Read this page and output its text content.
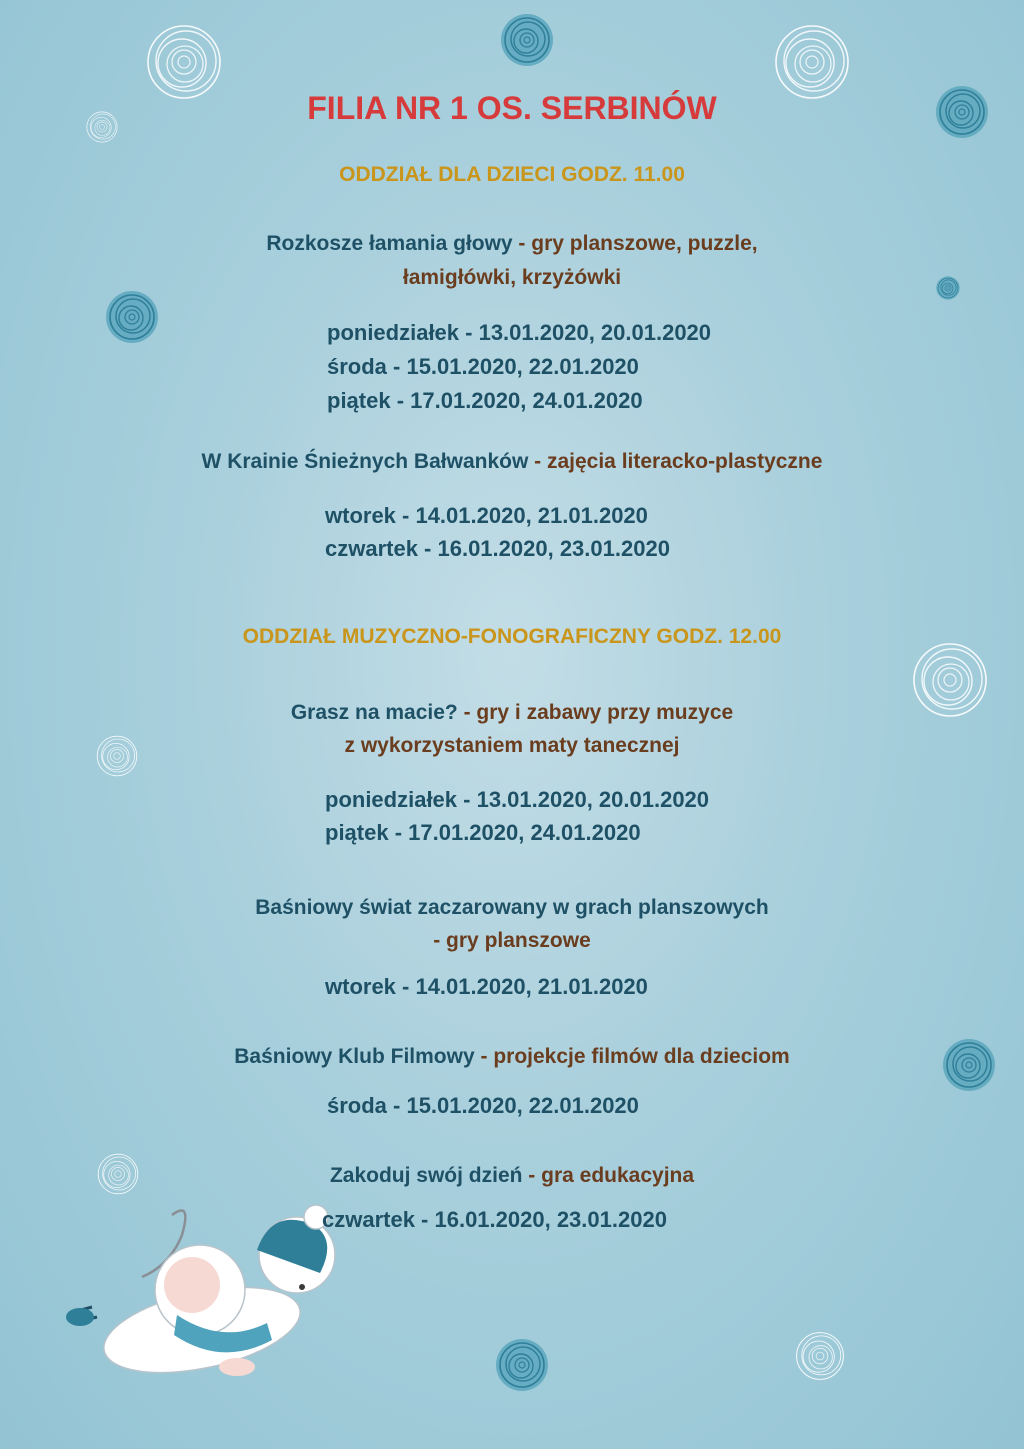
FILIA NR 1 OS. SERBINÓW
ODDZIAŁ DLA DZIECI GODZ. 11.00
Rozkosze łamania głowy - gry planszowe, puzzle,
łamigłówki, krzyżówki
poniedziałek - 13.01.2020, 20.01.2020
środa - 15.01.2020, 22.01.2020
piątek - 17.01.2020, 24.01.2020
W Krainie Śnieżnych Bałwanków - zajęcia literacko-plastyczne
wtorek - 14.01.2020, 21.01.2020
czwartek - 16.01.2020, 23.01.2020
ODDZIAŁ MUZYCZNO-FONOGRAFICZNY GODZ. 12.00
Grasz na macie? - gry i zabawy przy muzyce
z wykorzystaniem maty tanecznej
poniedziałek - 13.01.2020, 20.01.2020
piątek - 17.01.2020, 24.01.2020
Baśniowy świat zaczarowany w grach planszowych
- gry planszowe
wtorek - 14.01.2020, 21.01.2020
Baśniowy Klub Filmowy - projekcje filmów dla dzieciom
środa - 15.01.2020, 22.01.2020
Zakoduj swój dzień - gra edukacyjna
czwartek - 16.01.2020, 23.01.2020
